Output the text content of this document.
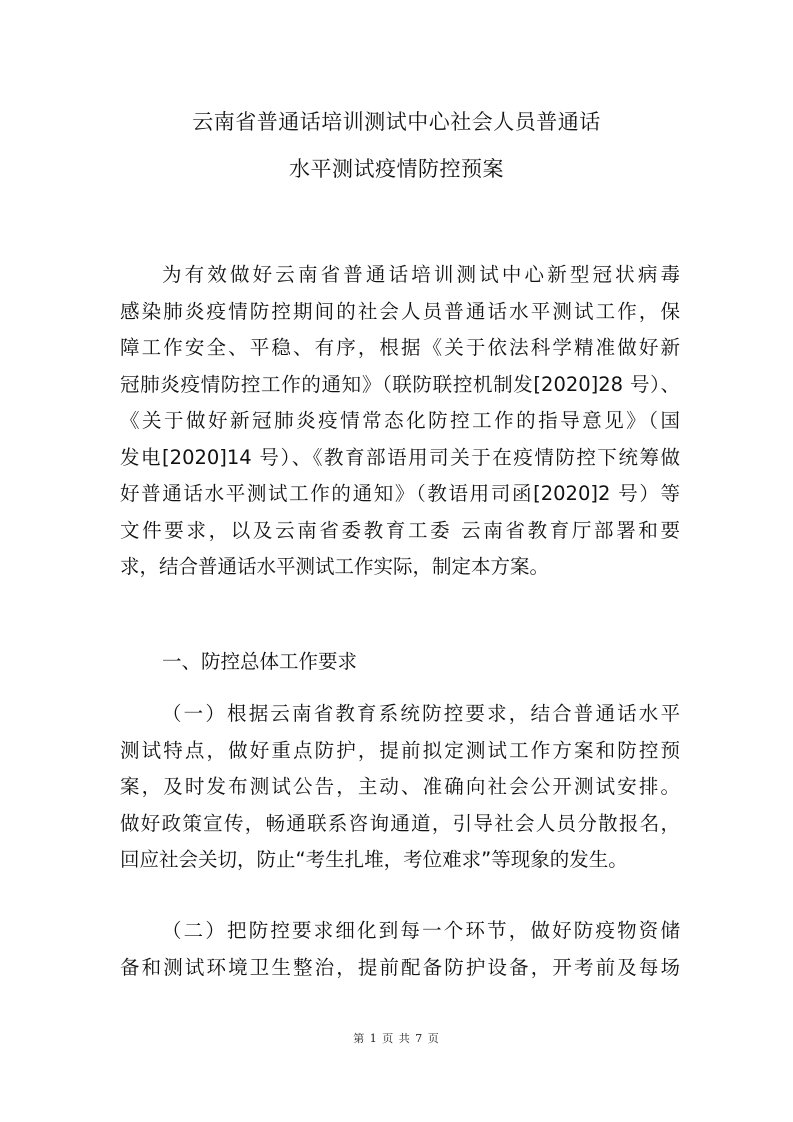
云南省普通话培训测试中心社会人员普通话
水平测试疫情防控预案
为有效做好云南省普通话培训测试中心新型冠状病毒
感染肺炎疫情防控期间的社会人员普通话水平测试工作，保
障工作安全、平稳、有序，根据《关于依法科学精准做好新
冠肺炎疫情防控工作的通知》（联防联控机制发[2020]28 号）、
《关于做好新冠肺炎疫情常态化防控工作的指导意见》（国
发电[2020]14 号）、《教育部语用司关于在疫情防控下统筹做
好普通话水平测试工作的通知》（教语用司函[2020]2 号）等
文件要求，以及云南省委教育工委 云南省教育厅部署和要
求，结合普通话水平测试工作实际，制定本方案。
一、防控总体工作要求
（一）根据云南省教育系统防控要求，结合普通话水平
测试特点，做好重点防护，提前拟定测试工作方案和防控预
案，及时发布测试公告，主动、准确向社会公开测试安排。
做好政策宣传，畅通联系咨询通道，引导社会人员分散报名，
回应社会关切，防止“考生扎堆，考位难求”等现象的发生。
（二）把防控要求细化到每一个环节，做好防疫物资储
备和测试环境卫生整治，提前配备防护设备，开考前及每场
第 1 页 共 7 页
